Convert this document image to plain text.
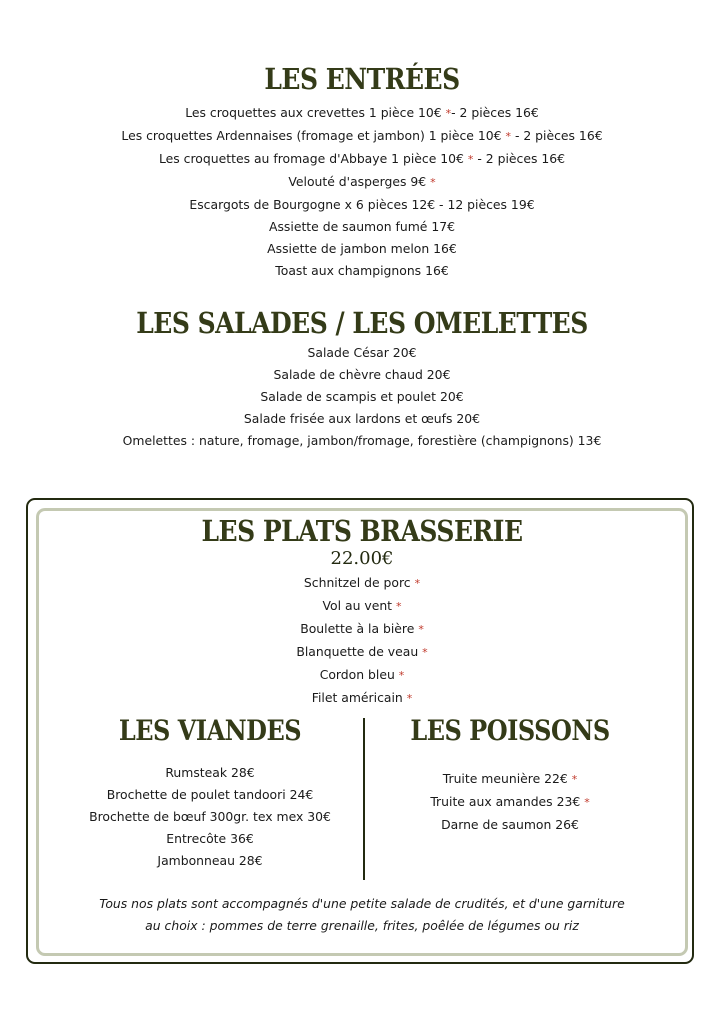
LES ENTRÉES

Les croquettes aux crevettes 1 pièce 10€ *- 2 pièces 16€

Les croquettes Ardennaises (fromage et jambon) 1 pièce 10€ * - 2 pièces 16€

Les croquettes au fromage d'Abbaye 1 pièce 10€ * - 2 pièces 16€

Velouté d'asperges 9€ *

Escargots de Bourgogne x 6 pièces 12€ - 12 pièces 19€

Assiette de saumon fumé 17€

Assiette de jambon melon 16€

Toast aux champignons 16€

LES SALADES / LES OMELETTES

Salade César 20€

Salade de chèvre chaud 20€

Salade de scampis et poulet 20€

Salade frisée aux lardons et œufs 20€

Omelettes : nature, fromage, jambon/fromage, forestière (champignons) 13€

LES PLATS BRASSERIE

22.00€

Schnitzel de porc *

Vol au vent *

Boulette à la bière *

Blanquette de veau *

Cordon bleu *

Filet américain *

LES VIANDES

Rumsteak 28€

Brochette de poulet tandoori 24€

Brochette de bœuf 300gr. tex mex 30€

Entrecôte 36€

Jambonneau 28€

LES POISSONS

Truite meunière 22€ *

Truite aux amandes 23€ *

Darne de saumon 26€

Tous nos plats sont accompagnés d'une petite salade de crudités, et d'une garniture
au choix : pommes de terre grenaille, frites, poêlée de légumes ou riz
